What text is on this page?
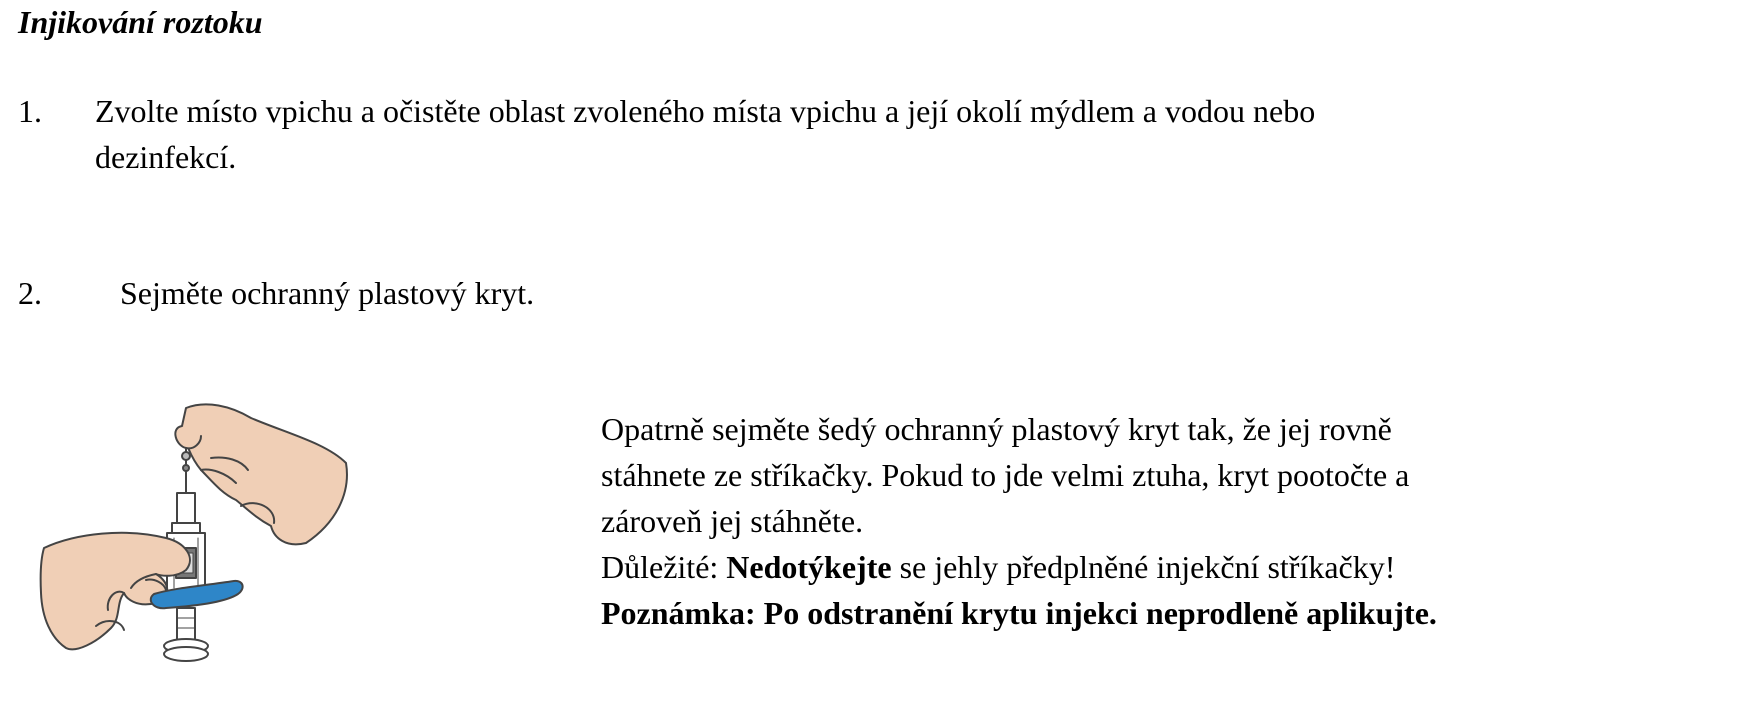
Injikování roztoku
1. Zvolte místo vpichu a očistěte oblast zvoleného místa vpichu a její okolí mýdlem a vodou nebo
dezinfekcí.
2. Sejměte ochranný plastový kryt.

Opatrně sejměte šedý ochranný plastový kryt tak, že jej rovně

stáhnete ze stříkačky. Pokud to jde velmi ztuha, kryt pootočte a

zároveň jej stáhněte.

Důležité: Nedotýkejte se jehly předplněné injekční stříkačky!

Poznámka: Po odstranění krytu injekci neprodleně aplikujte.
